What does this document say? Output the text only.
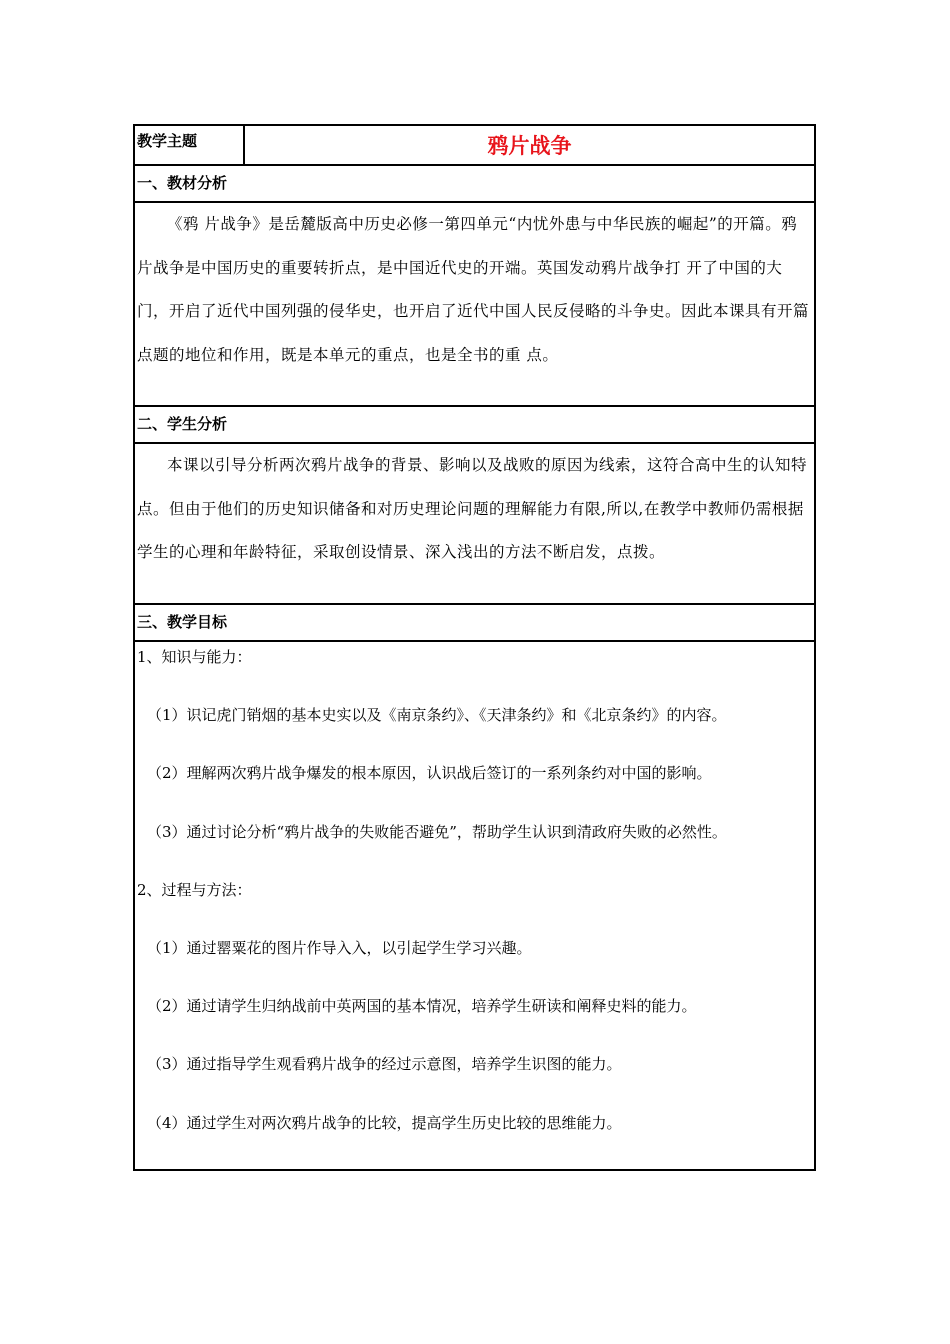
教学主题	鸦片战争
一、教材分析
《鸦 片战争》是岳麓版高中历史必修一第四单元“内忧外患与中华民族的崛起”的开篇。鸦片战争是中国历史的重要转折点，是中国近代史的开端。英国发动鸦片战争打 开了中国的大门，开启了近代中国列强的侵华史，也开启了近代中国人民反侵略的斗争史。因此本课具有开篇点题的地位和作用，既是本单元的重点，也是全书的重 点。
二、学生分析
本课以引导分析两次鸦片战争的背景、影响以及战败的原因为线索，这符合高中生的认知特点。但由于他们的历史知识储备和对历史理论问题的理解能力有限,所以,在教学中教师仍需根据学生的心理和年龄特征，采取创设情景、深入浅出的方法不断启发，点拨。
三、教学目标

1、知识与能力：
（1）识记虎门销烟的基本史实以及《南京条约》、《天津条约》和《北京条约》的内容。
（2）理解两次鸦片战争爆发的根本原因，认识战后签订的一系列条约对中国的影响。
（3）通过讨论分析“鸦片战争的失败能否避免”，帮助学生认识到清政府失败的必然性。
2、过程与方法：
（1）通过罂粟花的图片作导入入，以引起学生学习兴趣。
（2）通过请学生归纳战前中英两国的基本情况，培养学生研读和阐释史料的能力。
（3）通过指导学生观看鸦片战争的经过示意图，培养学生识图的能力。
（4）通过学生对两次鸦片战争的比较，提高学生历史比较的思维能力。
